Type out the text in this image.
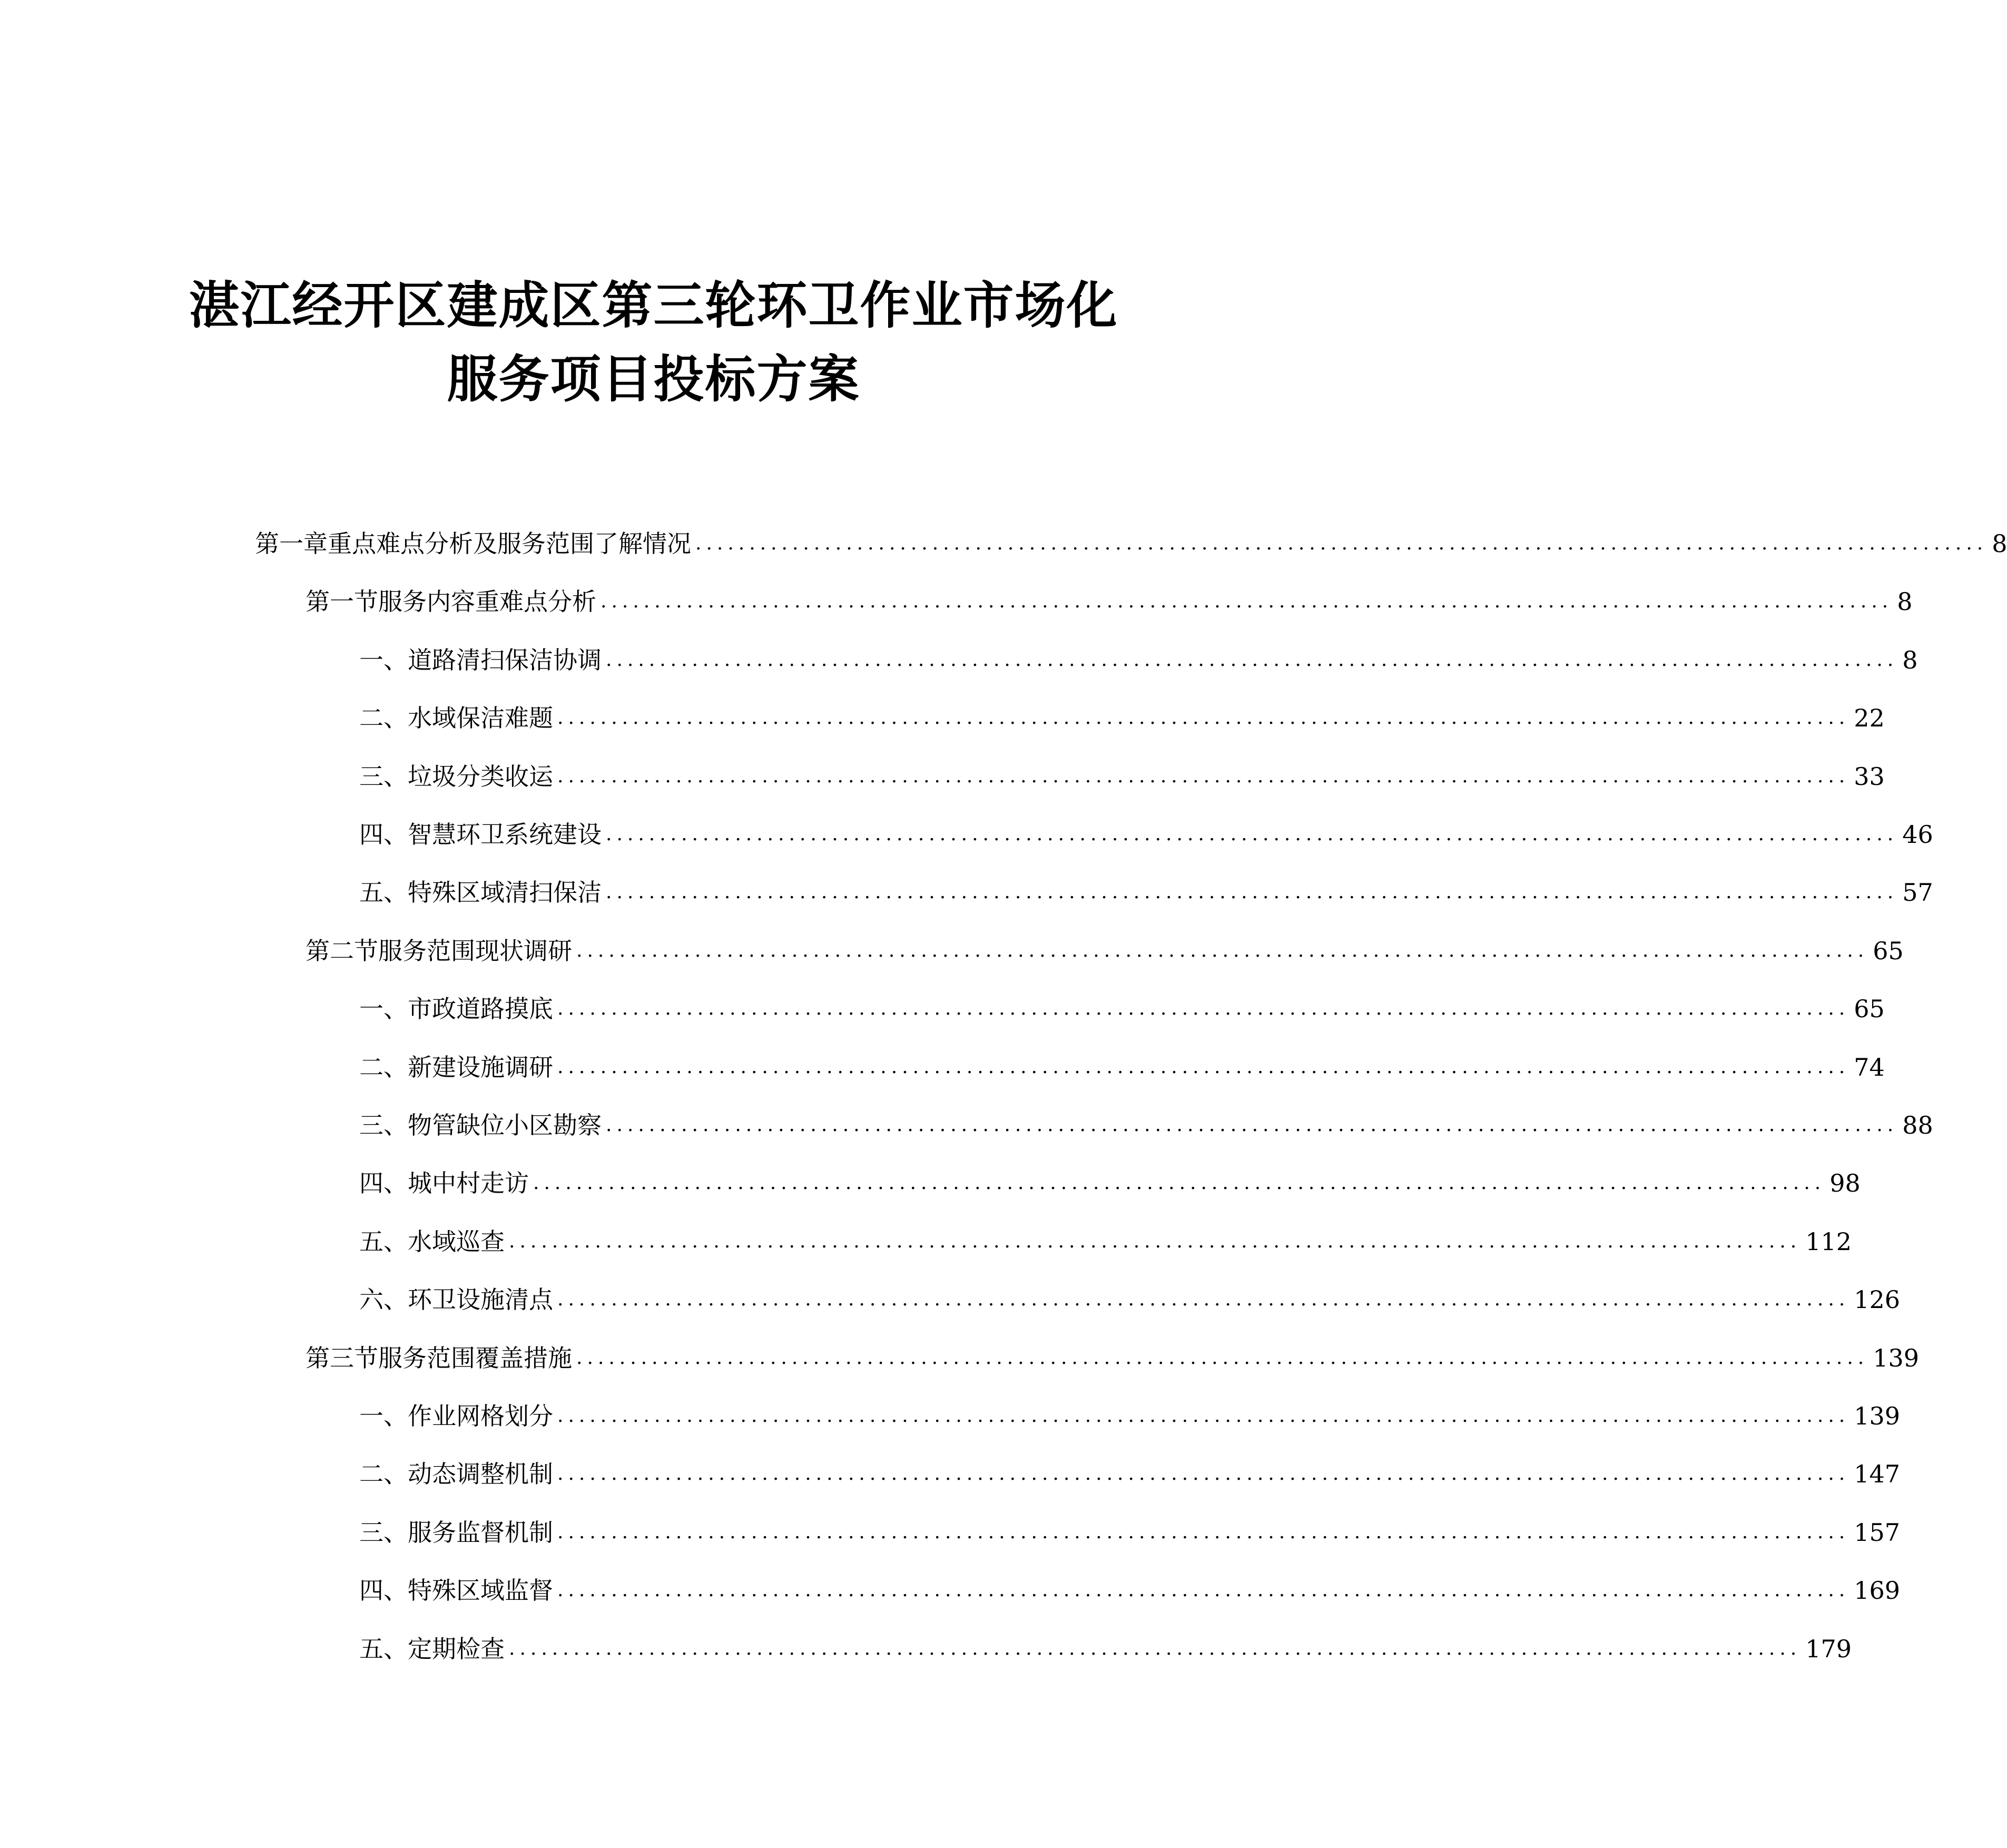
湛江经开区建成区第三轮环卫作业市场化
服务项目投标方案
第一章 重点难点分析及服务范围了解情况 ........................................................................................................................ 8
第一节 服务内容重难点分析 ........................................................................................................................ 8
一、 道路清扫保洁协调 ........................................................................................................................ 8
二、 水域保洁难题 ........................................................................................................................ 22
三、 垃圾分类收运 ........................................................................................................................ 33
四、 智慧环卫系统建设 ........................................................................................................................ 46
五、 特殊区域清扫保洁 ........................................................................................................................ 57
第二节 服务范围现状调研 ........................................................................................................................ 65
一、 市政道路摸底 ........................................................................................................................ 65
二、 新建设施调研 ........................................................................................................................ 74
三、 物管缺位小区勘察 ........................................................................................................................ 88
四、 城中村走访 ........................................................................................................................ 98
五、 水域巡查 ........................................................................................................................ 112
六、 环卫设施清点 ........................................................................................................................ 126
第三节 服务范围覆盖措施 ........................................................................................................................ 139
一、 作业网格划分 ........................................................................................................................ 139
二、 动态调整机制 ........................................................................................................................ 147
三、 服务监督机制 ........................................................................................................................ 157
四、 特殊区域监督 ........................................................................................................................ 169
五、 定期检查 ........................................................................................................................ 179
